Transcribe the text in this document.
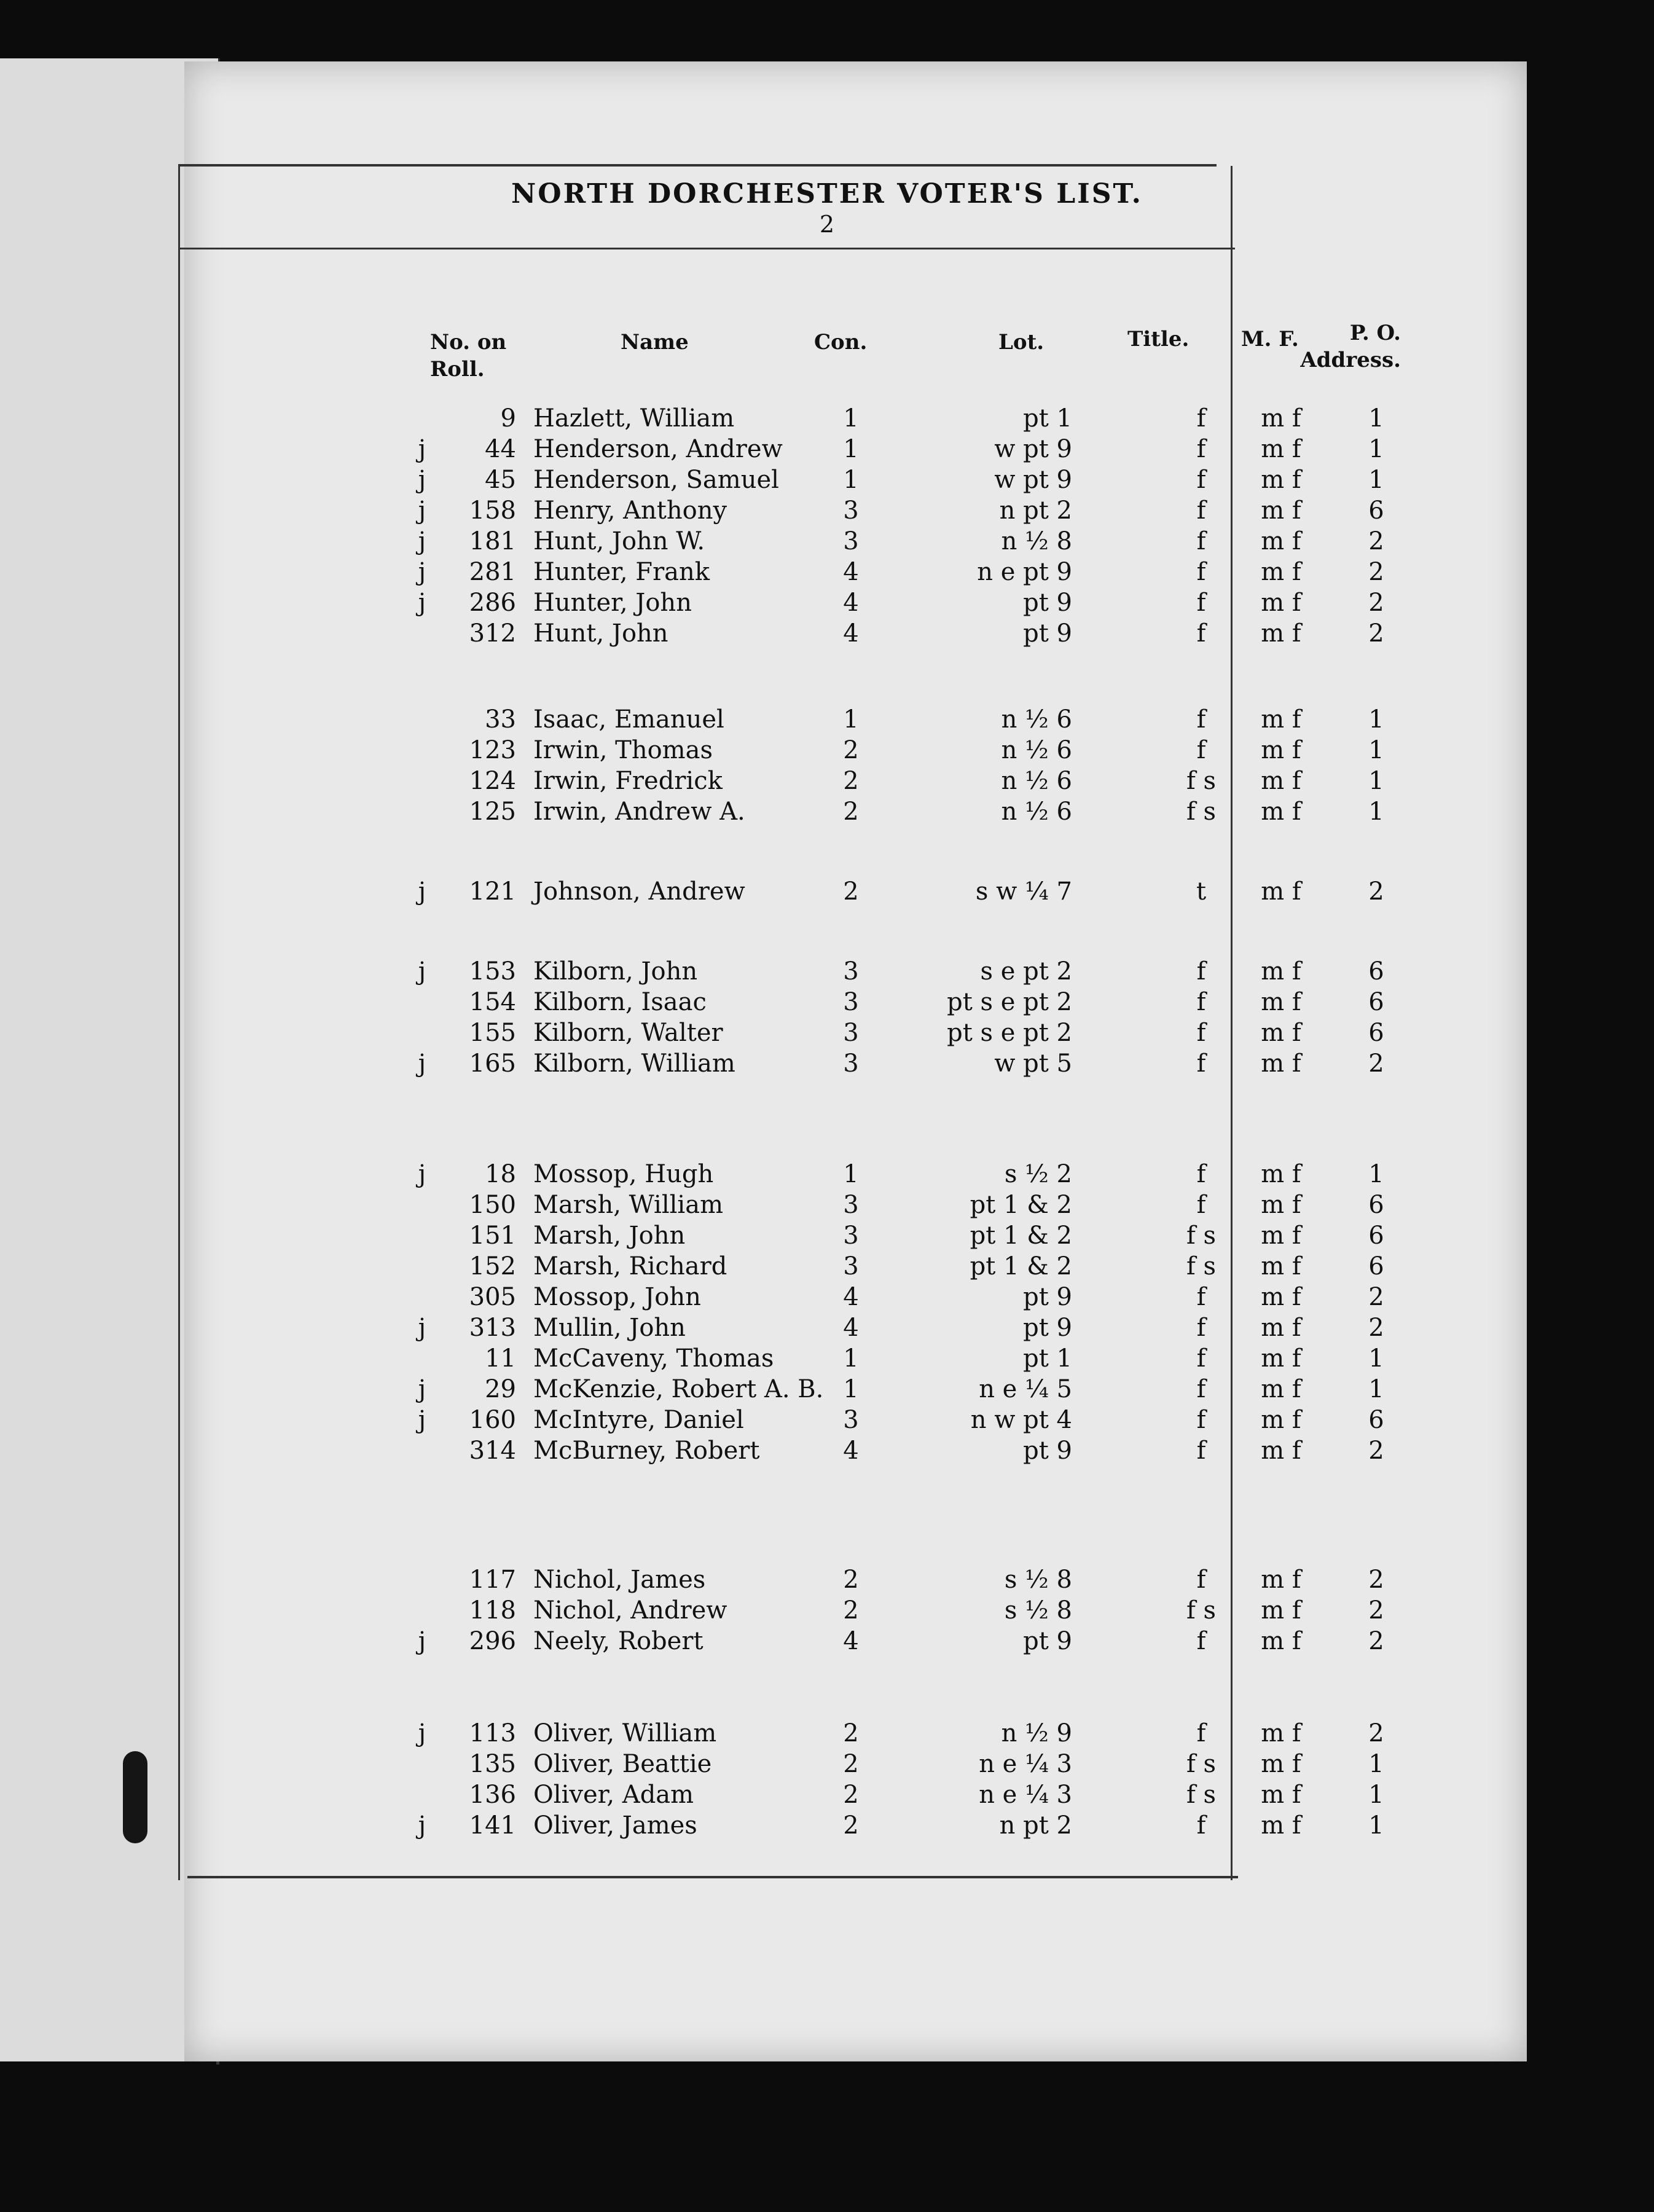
NORTH DORCHESTER VOTER'S LIST.
2
No. on
Roll.
Name	Con.	Lot.	Title. M. F.	P. O.
Address.
9 Hazlett, William	1	pt 1	f	m f	1
j	44 Henderson, Andrew	1	w pt 9	f	m f	1
j	45 Henderson, Samuel	1	w pt 9	f	m f	1
j	158 Henry, Anthony	3	n pt 2	f	m f	6
j	181 Hunt, John W.	3	n ½ 8	f	m f	2
j	281 Hunter, Frank	4	n e pt 9	f	m f	2
j	286 Hunter, John	4	pt 9	f	m f	2
312 Hunt, John	4	pt 9	f	m f	2
33 Isaac, Emanuel	1	n ½ 6	f	m f	1
123 Irwin, Thomas	2	n ½ 6	f	m f	1
124 Irwin, Fredrick	2	n ½ 6	f s	m f	1
125 Irwin, Andrew A.	2	n ½ 6	f s	m f	1
j	121 Johnson, Andrew	2	s w ¼ 7	t	m f	2
j	153 Kilborn, John	3	s e pt 2	f	m f	6
154 Kilborn, Isaac	3	pt s e pt 2	f	m f	6
155 Kilborn, Walter	3	pt s e pt 2	f	m f	6
j	165 Kilborn, William	3	w pt 5	f	m f	2
j	18 Mossop, Hugh	1	s ½ 2	f	m f	1
150 Marsh, William	3	pt 1 & 2	f	m f	6
151 Marsh, John	3	pt 1 & 2	f s	m f	6
152 Marsh, Richard	3	pt 1 & 2	f s	m f	6
305 Mossop, John	4	pt 9	f	m f	2
j	313 Mullin, John	4	pt 9	f	m f	2
11 McCaveny, Thomas	1	pt 1	f	m f	1
j	29 McKenzie, Robert A. B. 1	n e ¼ 5	f	m f	1
j	160 McIntyre, Daniel	3	n w pt 4	f	m f	6
314 McBurney, Robert	4	pt 9	f	m f	2
117 Nichol, James	2	s ½ 8	f	m f	2
118 Nichol, Andrew	2	s ½ 8	f s	m f	2
j	296 Neely, Robert	4	pt 9	f	m f	2
j	113 Oliver, William	2	n ½ 9	f	m f	2
135 Oliver, Beattie	2	n e ¼ 3	f s	m f	1
136 Oliver, Adam	2	n e ¼ 3	f s	m f	1
j	141 Oliver, James	2	n pt 2	f	m f	1
